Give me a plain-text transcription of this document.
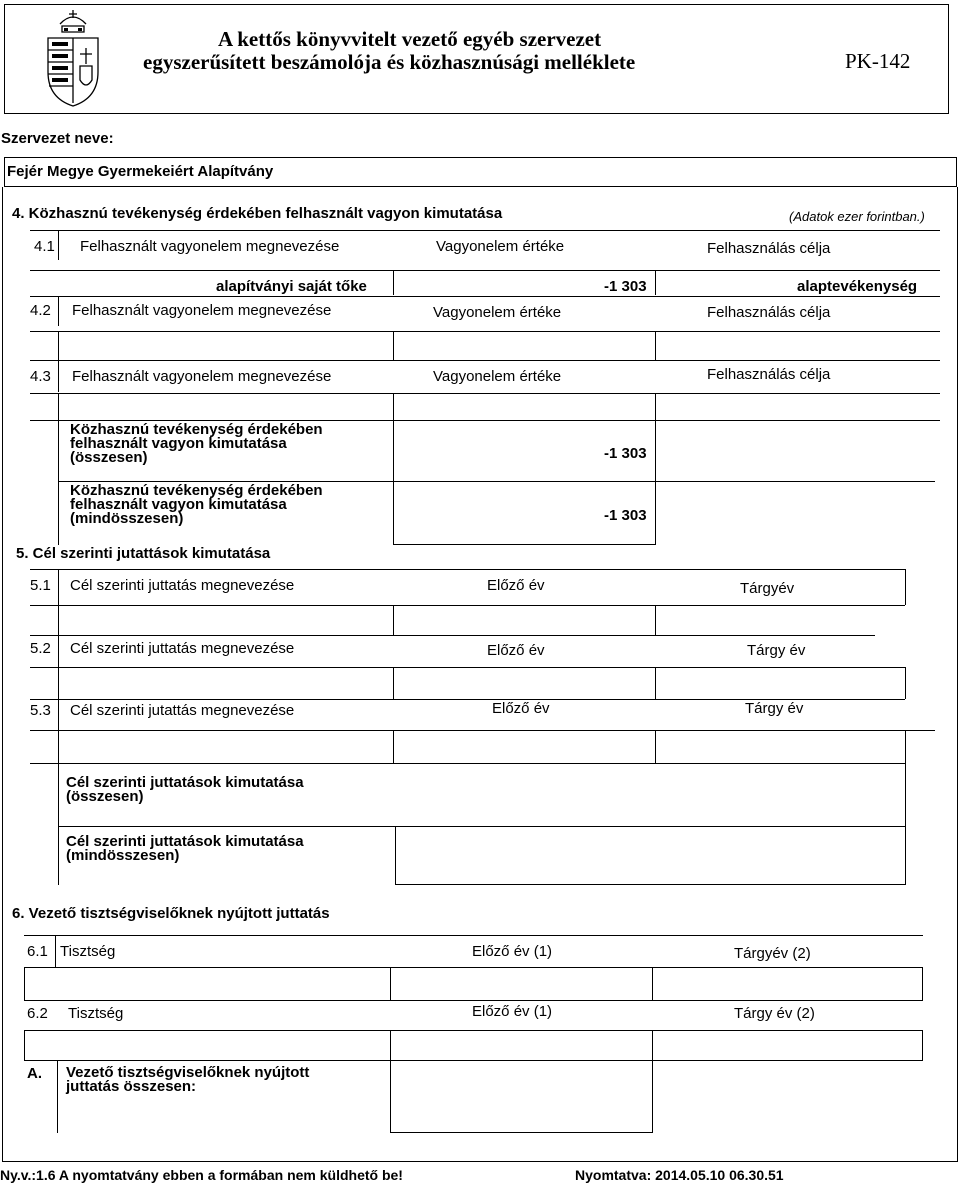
A kettős könyvvitelt vezető egyéb szervezet
egyszerűsített beszámolója és közhasznúsági melléklete	PK-142
Szervezet neve:
Fejér Megye Gyermekeiért Alapítvány
4. Közhasznú tevékenység érdekében felhasznált vagyon kimutatása	(Adatok ezer forintban.)
4.1 Felhasznált vagyonelem megnevezése	Vagyonelem értéke	Felhasználás célja
alapítványi saját tőke	-1 303	alaptevékenység
4.2 Felhasznált vagyonelem megnevezése	Vagyonelem értéke	Felhasználás célja
4.3 Felhasznált vagyonelem megnevezése	Vagyonelem értéke	Felhasználás célja
Közhasznú tevékenység érdekében
felhasznált vagyon kimutatása
(összesen)	-1 303
Közhasznú tevékenység érdekében
felhasznált vagyon kimutatása
(mindösszesen)	-1 303
5. Cél szerinti jutattások kimutatása
5.1 Cél szerinti juttatás megnevezése	Előző év	Tárgyév
5.2 Cél szerinti juttatás megnevezése	Előző év	Tárgy év
5.3 Cél szerinti jutattás megnevezése	Előző év	Tárgy év
Cél szerinti juttatások kimutatása
(összesen)
Cél szerinti juttatások kimutatása
(mindösszesen)
6. Vezető tisztségviselőknek nyújtott juttatás
6.1 Tisztség	Előző év (1)	Tárgyév (2)
6.2 Tisztség	Előző év (1)	Tárgy év (2)
A. Vezető tisztségviselőknek nyújtott
juttatás összesen:
Ny.v.:1.6 A nyomtatvány ebben a formában nem küldhető be!	Nyomtatva: 2014.05.10 06.30.51
